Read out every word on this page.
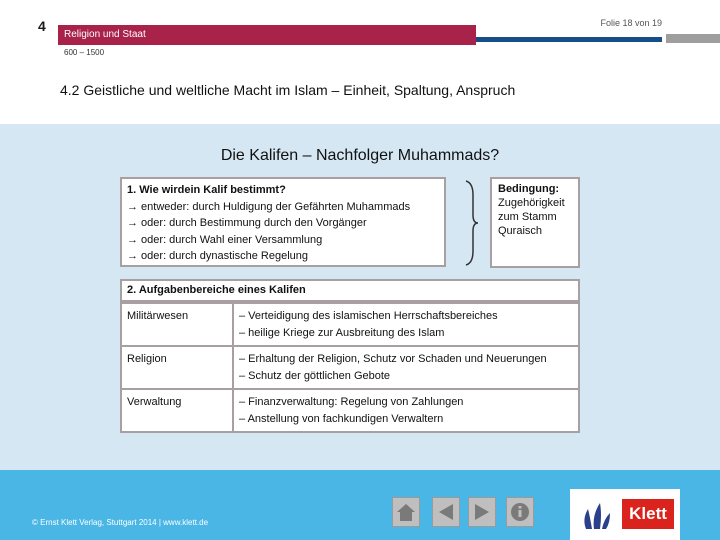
4	Folie 18 von 19
Religion und Staat
600 – 1500
4.2 Geistliche und weltliche Macht im Islam – Einheit, Spaltung, Anspruch
Die Kalifen – Nachfolger Muhammads?
1. Wie wirdein Kalif bestimmt?
→ entweder: durch Huldigung der Gefährten Muhammads
→ oder: durch Bestimmung durch den Vorgänger
→ oder: durch Wahl einer Versammlung
→ oder: durch dynastische Regelung
Bedingung:
Zugehörigkeit
zum Stamm
Quraisch
2. Aufgabenbereiche eines Kalifen
Militärwesen	– Verteidigung des islamischen Herrschaftsbereiches
– heilige Kriege zur Ausbreitung des Islam

Religion	– Erhaltung der Religion, Schutz vor Schaden und Neuerungen
– Schutz der göttlichen Gebote

Verwaltung	– Finanzverwaltung: Regelung von Zahlungen
– Anstellung von fachkundigen Verwaltern
© Ernst Klett Verlag, Stuttgart 2014 | www.klett.de	Klett
